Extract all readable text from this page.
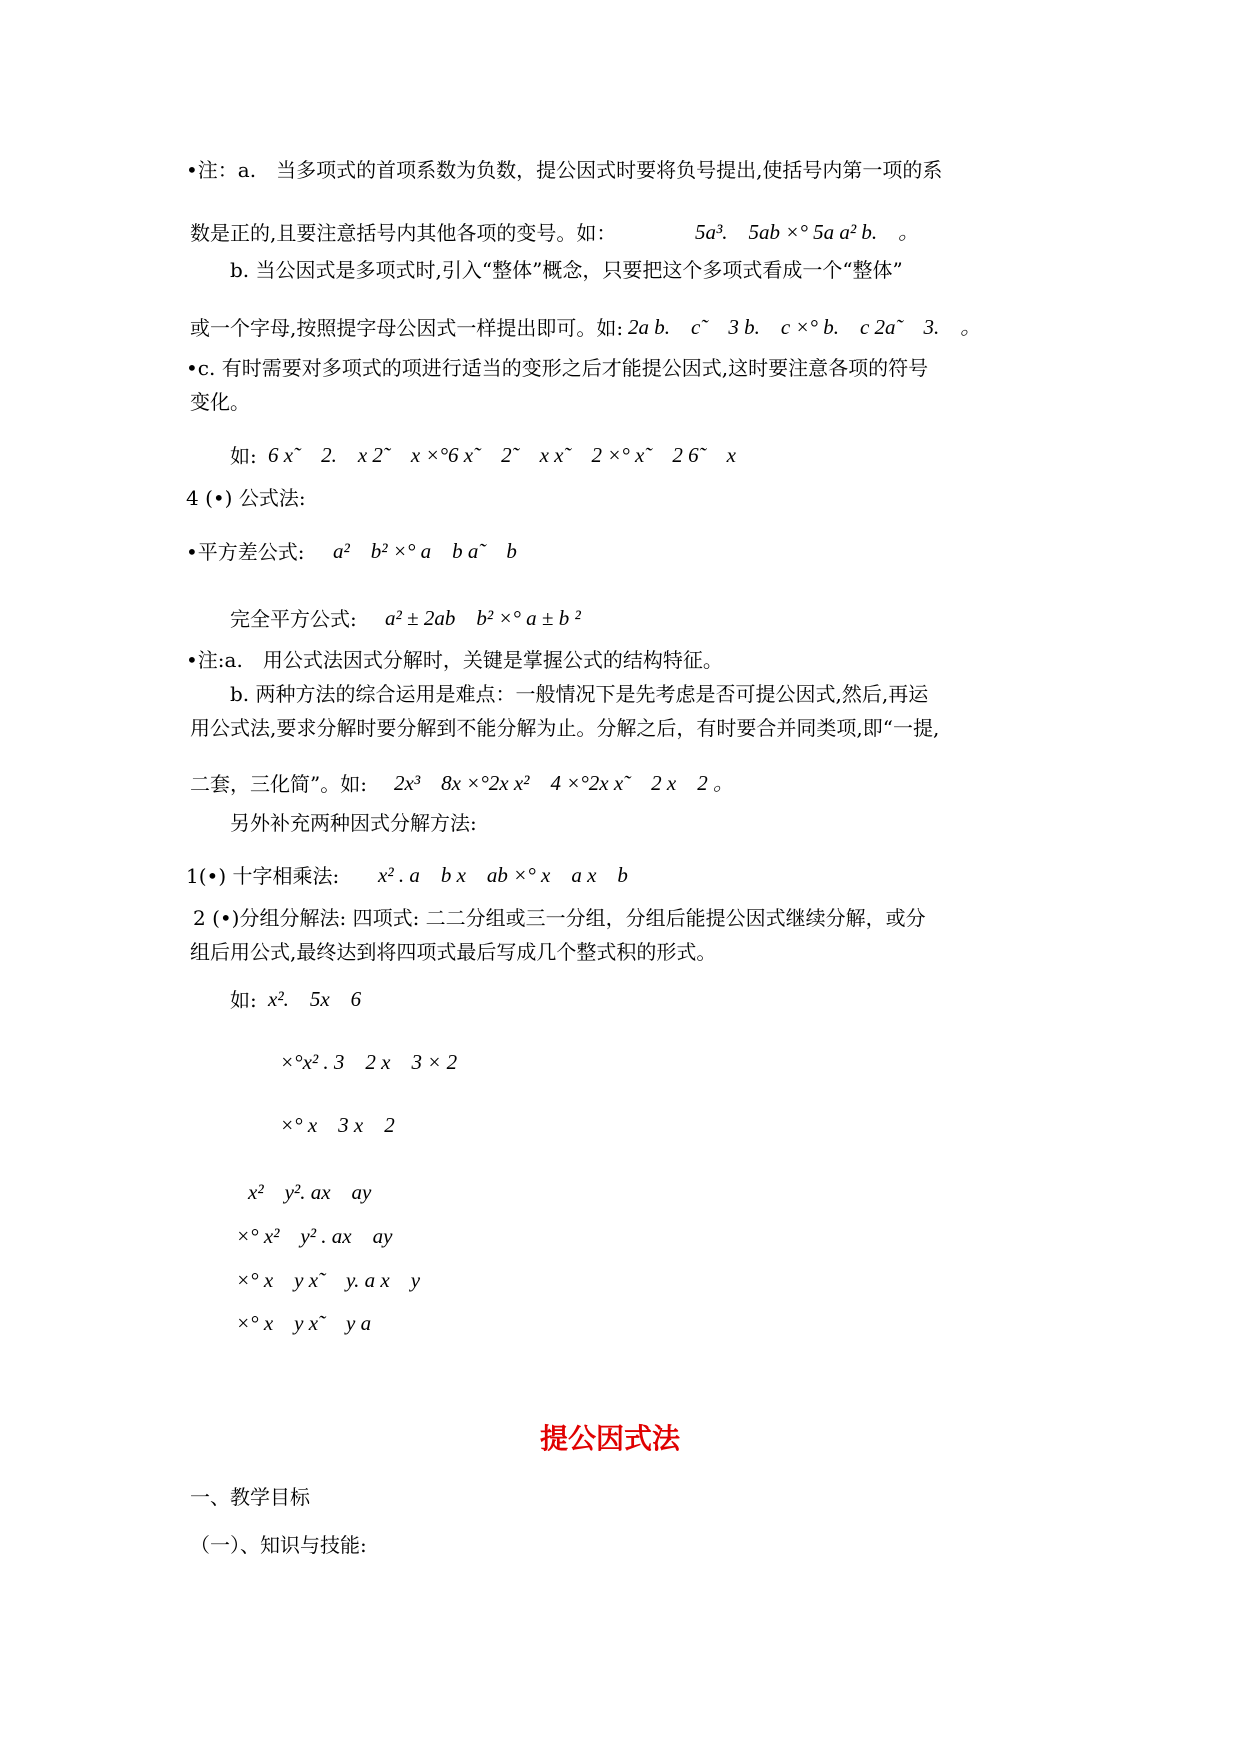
•注：a.　当多项式的首项系数为负数，提公因式时要将负号提出,使括号内第一项的系
数是正的,且要注意括号内其他各项的变号。如：
b. 当公因式是多项式时,引入“整体”概念，只要把这个多项式看成一个“整体”
或一个字母,按照提字母公因式一样提出即可。如:
•c. 有时需要对多项式的项进行适当的变形之后才能提公因式,这时要注意各项的符号
变化。
如:
4 (•) 公式法:
•平方差公式:
完全平方公式:
•注:a.　用公式法因式分解时，关键是掌握公式的结构特征。
b. 两种方法的综合运用是难点：一般情况下是先考虑是否可提公因式,然后,再运
用公式法,要求分解时要分解到不能分解为止。分解之后，有时要合并同类项,即“一提,
二套，三化简”。如:
另外补充两种因式分解方法:
1(•) 十字相乘法:
2 (•)分组分解法: 四项式: 二二分组或三一分组，分组后能提公因式继续分解，或分
组后用公式,最终达到将四项式最后写成几个整式积的形式。
如:
5a³.　5ab ×° 5a a² b.　。
2a b.　c˜　3 b.　c ×° b.　c 2a˜　3.　。
6 x˜　2.　x 2˜　x ×°6 x˜　2˜　x x˜　2 ×° x˜　2 6˜　x
a²　b² ×° a　b a˜　b
a² ± 2ab　b² ×° a ± b ²
2x³　8x ×°2x x²　4 ×°2x x˜　2 x　2 。
x² . a　b x　ab ×° x　a x　b
x².　5x　6
×°x² . 3　2 x　3 × 2
×° x　3 x　2
x²　y². ax　ay
×° x²　y² . ax　ay
×° x　y x˜　y. a x　y
×° x　y x˜　y a
提公因式法
一、教学目标
（一）、知识与技能:
